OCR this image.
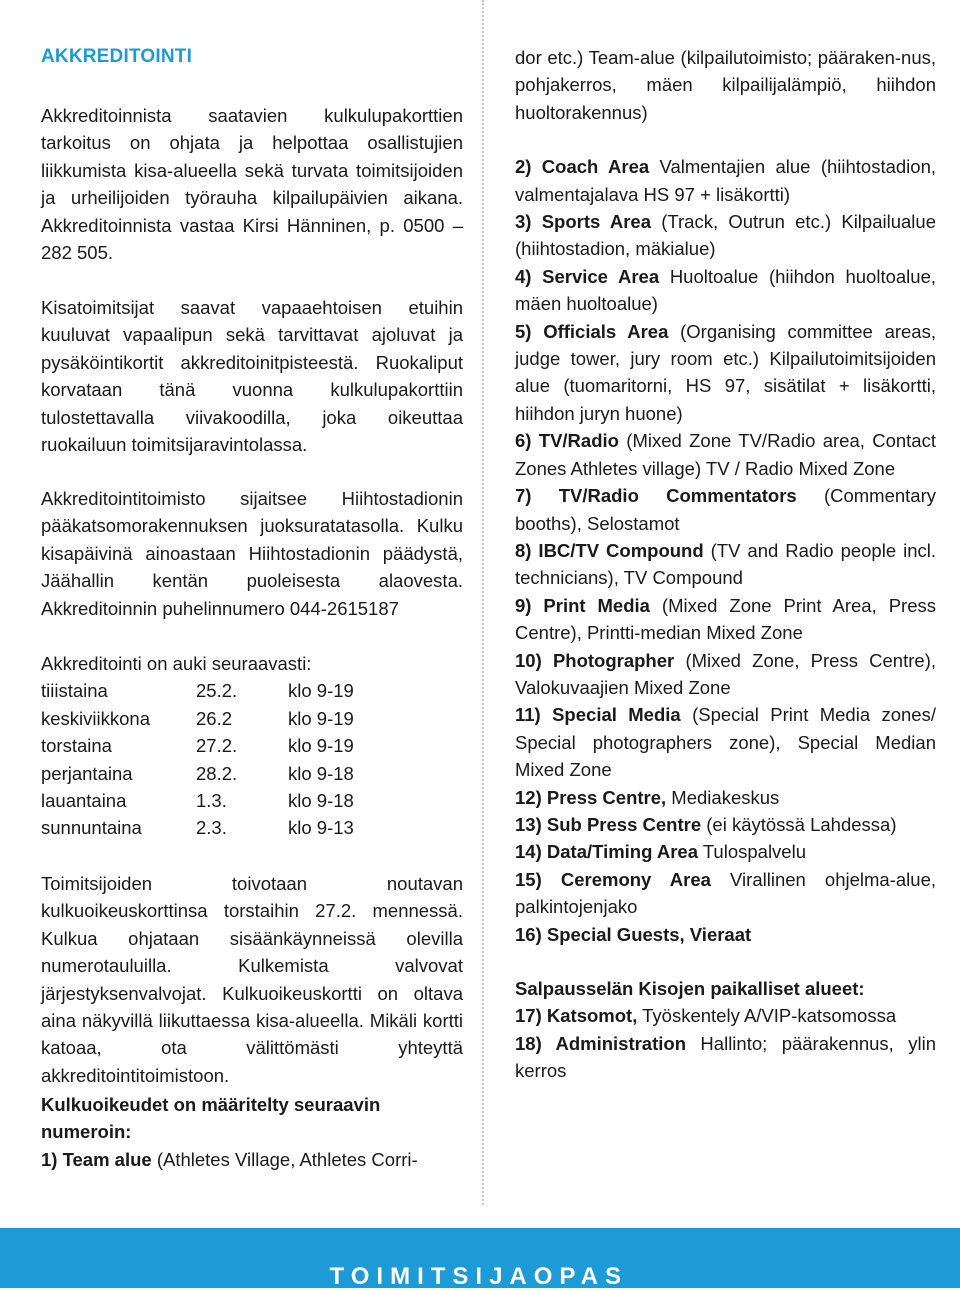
AKKREDITOINTI

Akkreditoinnista saatavien kulkulupakorttien tarkoitus on ohjata ja helpottaa osallistujien liikkumista kisa-alueella sekä turvata toimitsijoiden ja urheilijoiden työrauha kilpailupäivien aikana. Akkreditoinnista vastaa Kirsi Hänninen, p. 0500 – 282 505.

Kisatoimitsijat saavat vapaaehtoisen etuihin kuuluvat vapaalipun sekä tarvittavat ajoluvat ja pysäköintikortit akkreditoinitpisteestä. Ruokaliput korvataan tänä vuonna kulkulupakorttiin tulostettavalla viivakoodilla, joka oikeuttaa ruokailuun toimitsijaravintolassa.

Akkreditointitoimisto sijaitsee Hiihtostadionin pääkatsomorakennuksen juoksuratatasolla. Kulku kisapäivinä ainoastaan Hiihtostadionin päädystä, Jäähallin kentän puoleisesta alaovesta. Akkreditoinnin puhelinnumero 044-2615187

Akkreditointi on auki seuraavasti:
tiiistaina	25.2.	klo 9-19
keskiviikkona	26.2	klo 9-19
torstaina	27.2.	klo 9-19
perjantaina	28.2.	klo 9-18
lauantaina	1.3.	klo 9-18
sunnuntaina	2.3.	klo 9-13

Toimitsijoiden toivotaan noutavan kulkuoikeuskorttinsa torstaihin 27.2. mennessä. Kulkua ohjataan sisäänkäynneissä olevilla numerotauluilla. Kulkemista valvovat järjestyksenvalvojat. Kulkuoikeuskortti on oltava aina näkyvillä liikuttaessa kisa-alueella. Mikäli kortti katoaa, ota välittömästi yhteyttä akkreditointitoimistoon.

Kulkuoikeudet on määritelty seuraavin numeroin:
1) Team alue (Athletes Village, Athletes Corri-

dor etc.) Team-alue (kilpailutoimisto; pääraken-nus, pohjakerros, mäen kilpailijalämpiö, hiihdon huoltorakennus)

2) Coach Area Valmentajien alue (hiihtostadion, valmentajalava HS 97 + lisäkortti)

3) Sports Area (Track, Outrun etc.) Kilpailualue (hiihtostadion, mäkialue)

4) Service Area Huoltoalue (hiihdon huoltoalue, mäen huoltoalue)

5) Officials Area (Organising committee areas, judge tower, jury room etc.) Kilpailutoimitsijoiden alue (tuomaritorni, HS 97, sisätilat + lisäkortti, hiihdon juryn huone)

6) TV/Radio (Mixed Zone TV/Radio area, Contact Zones Athletes village) TV / Radio Mixed Zone

7) TV/Radio Commentators (Commentary booths), Selostamot

8) IBC/TV Compound (TV and Radio people incl. technicians), TV Compound

9) Print Media (Mixed Zone Print Area, Press Centre), Printti-median Mixed Zone

10) Photographer (Mixed Zone, Press Centre), Valokuvaajien Mixed Zone

11) Special Media (Special Print Media zones/ Special photographers zone), Special Median Mixed Zone

12) Press Centre, Mediakeskus

13) Sub Press Centre (ei käytössä Lahdessa)

14) Data/Timing Area Tulospalvelu

15) Ceremony Area Virallinen ohjelma-alue, palkintojenjako

16) Special Guests, Vieraat

Salpausselän Kisojen paikalliset alueet:

17) Katsomot, Työskentely A/VIP-katsomossa

18) Administration Hallinto; päärakennus, ylin kerros

TOIMITSIJAOPAS
